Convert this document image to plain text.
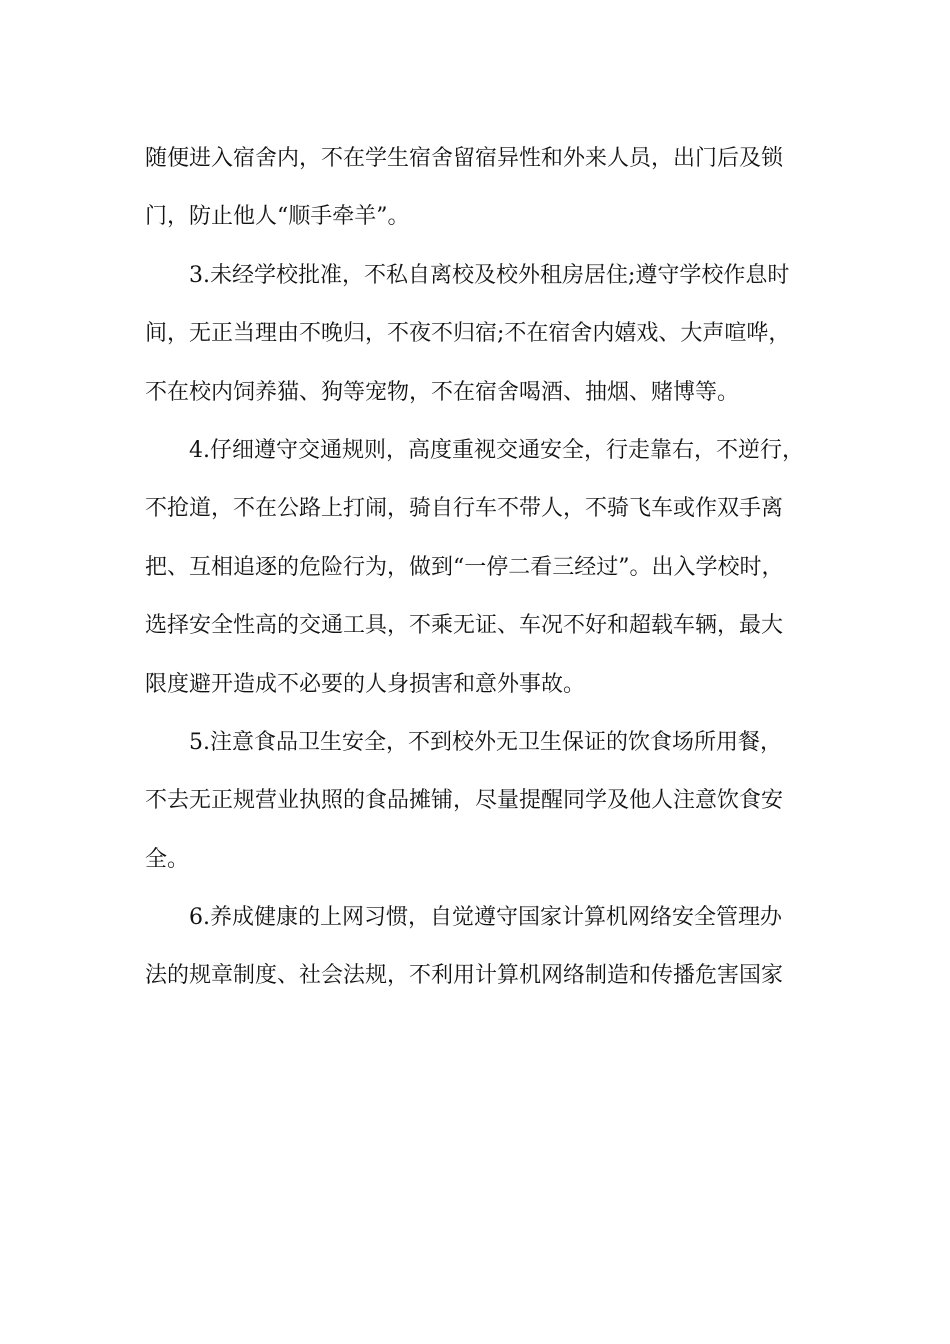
随便进入宿舍内，不在学生宿舍留宿异性和外来人员，出门后及锁
门，防止他人“顺手牵羊”。
3.未经学校批准，不私自离校及校外租房居住;遵守学校作息时
间，无正当理由不晚归，不夜不归宿;不在宿舍内嬉戏、大声喧哗，
不在校内饲养猫、狗等宠物，不在宿舍喝酒、抽烟、赌博等。
4.仔细遵守交通规则，高度重视交通安全，行走靠右，不逆行，
不抢道，不在公路上打闹，骑自行车不带人，不骑飞车或作双手离
把、互相追逐的危险行为，做到“一停二看三经过”。出入学校时，
选择安全性高的交通工具，不乘无证、车况不好和超载车辆，最大
限度避开造成不必要的人身损害和意外事故。
5.注意食品卫生安全，不到校外无卫生保证的饮食场所用餐，
不去无正规营业执照的食品摊铺，尽量提醒同学及他人注意饮食安
全。
6.养成健康的上网习惯，自觉遵守国家计算机网络安全管理办
法的规章制度、社会法规，不利用计算机网络制造和传播危害国家
